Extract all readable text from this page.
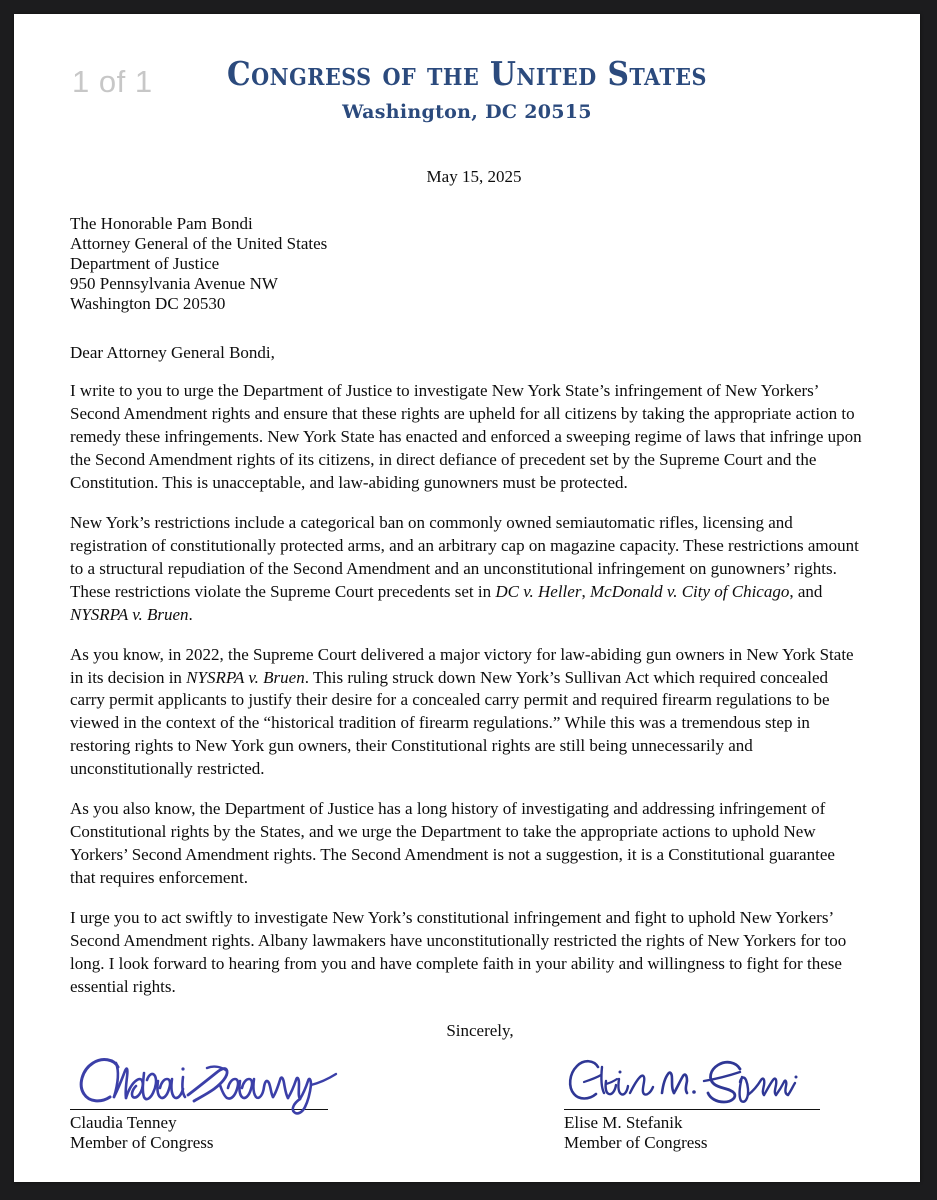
1 of 1	Congress of the United States
Washington, DC 20515
May 15, 2025
The Honorable Pam Bondi
Attorney General of the United States
Department of Justice
950 Pennsylvania Avenue NW
Washington DC 20530
Dear Attorney General Bondi,
I write to you to urge the Department of Justice to investigate New York State’s infringement of New Yorkers’ Second Amendment rights and ensure that these rights are upheld for all citizens by taking the appropriate action to remedy these infringements. New York State has enacted and enforced a sweeping regime of laws that infringe upon the Second Amendment rights of its citizens, in direct defiance of precedent set by the Supreme Court and the Constitution. This is unacceptable, and law-abiding gunowners must be protected.
New York’s restrictions include a categorical ban on commonly owned semiautomatic rifles, licensing and registration of constitutionally protected arms, and an arbitrary cap on magazine capacity. These restrictions amount to a structural repudiation of the Second Amendment and an unconstitutional infringement on gunowners’ rights. These restrictions violate the Supreme Court precedents set in DC v. Heller, McDonald v. City of Chicago, and NYSRPA v. Bruen.
As you know, in 2022, the Supreme Court delivered a major victory for law-abiding gun owners in New York State in its decision in NYSRPA v. Bruen. This ruling struck down New York’s Sullivan Act which required concealed carry permit applicants to justify their desire for a concealed carry permit and required firearm regulations to be viewed in the context of the “historical tradition of firearm regulations.” While this was a tremendous step in restoring rights to New York gun owners, their Constitutional rights are still being unnecessarily and unconstitutionally restricted.
As you also know, the Department of Justice has a long history of investigating and addressing infringement of Constitutional rights by the States, and we urge the Department to take the appropriate actions to uphold New Yorkers’ Second Amendment rights. The Second Amendment is not a suggestion, it is a Constitutional guarantee that requires enforcement.
I urge you to act swiftly to investigate New York’s constitutional infringement and fight to uphold New Yorkers’ Second Amendment rights. Albany lawmakers have unconstitutionally restricted the rights of New Yorkers for too long. I look forward to hearing from you and have complete faith in your ability and willingness to fight for these essential rights.
Sincerely,
Claudia Tenney
Member of Congress
Elise M. Stefanik
Member of Congress
